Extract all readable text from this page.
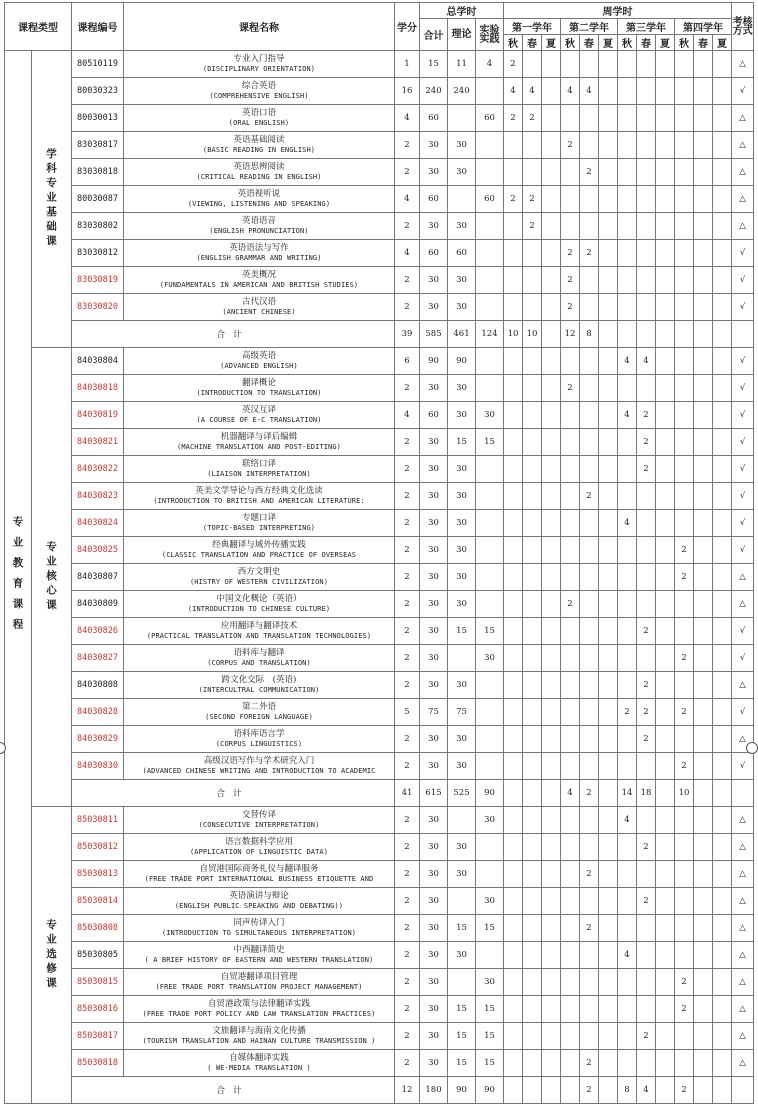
课程类型		课程编号	课程名称	学分	总学时			周学时												考核方式
					合计	理论	实验实践	第一学年			第二学年			第三学年			第四学年			
								秋	春	夏	秋	春	夏	秋	春	夏	秋	春	夏	

专业教育课程	学科专业基础课	80510119	专业入门指导
(DISCIPLINARY ORIENTATION)	1	15	11	4	2												△
		80030323	综合英语
(COMPREHENSIVE ENGLISH)	16	240	240		4	4		4	4								√
		80030013	英语口语
(ORAL ENGLISH)	4	60		60	2	2											△
		83030817	英语基础阅读
(BASIC READING IN ENGLISH)	2	30	30					2									△
		83030818	英语思辨阅读
(CRITICAL READING IN ENGLISH)	2	30	30						2								△
		80030087	英语视听说
(VIEWING, LISTENING AND SPEAKING)	4	60		60	2	2											△
		83030802	英语语音
(ENGLISH PRONUNCIATION)	2	30	30			2											△
		83030812	英语语法与写作
(ENGLISH GRAMMAR AND WRITING)	4	60	60					2	2								√
		83030819	英美概况
(FUNDAMENTALS IN AMERICAN AND BRITISH STUDIES)	2	30	30					2									√
		83030820	古代汉语
(ANCIENT CHINESE)	2	30	30					2									√
		合计		39	585	461	124	10	10		12	8								

	专业核心课	84030804	高级英语
(ADVANCED ENGLISH)	6	90	90								4	4					√
		84030818	翻译概论
(INTRODUCTION TO TRANSLATION)	2	30	30					2									√
		84030819	英汉互译
(A COURSE OF E-C TRANSLATION)	4	60	30	30							4	2					√
		84030821	机器翻译与译后编辑
(MACHINE TRANSLATION AND POST-EDITING)	2	30	15	15								2					√
		84030822	联络口译
(LIAISON INTERPRETATION)	2	30	30									2					√
		84030823	英美文学导论与西方经典文化选读
(INTRODUCTION TO BRITISH AND AMERICAN LITERATURE:	2	30	30						2								√
		84030824	专题口译
(TOPIC-BASED INTERPRETING)	2	30	30								4						√
		84030825	经典翻译与域外传播实践
(CLASSIC TRANSLATION AND PRACTICE OF OVERSEAS	2	30	30											2			√
		84030807	西方文明史
(HISTRY OF WESTERN CIVILIZATION)	2	30	30											2			△
		84030809	中国文化概论（英语）
(INTRODUCTION TO CHINESE CULTURE)	2	30	30					2									△
		84030826	应用翻译与翻译技术
(PRACTICAL TRANSLATION AND TRANSLATION TECHNOLOGIES)	2	30	15	15								2					√
		84030827	语料库与翻译
(CORPUS AND TRANSLATION)	2	30		30										2			√
		84030808	跨文化交际　(英语)
(INTERCULTRAL COMMUNICATION)	2	30	30									2					△
		84030828	第二外语
(SECOND FOREIGN LANGUAGE)	5	75	75								2	2		2			√
		84030829	语料库语言学
(CORPUS LINGUISTICS)	2	30	30									2					△
		84030830	高级汉语写作与学术研究入门
(ADVANCED CHINESE WRITING AND INTRODUCTION TO ACADEMIC	2	30	30											2			√
		合计		41	615	525	90				4	2		14	18		10			

	专业选修课	85030811	交替传译
(CONSECUTIVE INTERPRETATION)	2	30		30							4						△
		85030812	语言数据科学应用
(APPLICATION OF LINGUISTIC DATA)	2	30	30									2					△
		85030813	自贸港国际商务礼仪与翻译服务
(FREE TRADE PORT INTERNATIONAL BUSINESS ETIQUETTE AND	2	30	30						2								△
		85030814	英语演讲与辩论
(ENGLISH PUBLIC SPEAKING AND DEBATING))	2	30		30								2					△
		85030808	同声传译入门
(INTRODUCTION TO SIMULTANEOUS INTERPRETATION)	2	30	15	15					2								△
		85030805	中西翻译简史
( A BRIEF HISTORY OF EASTERN AND WESTERN TRANSLATION)	2	30	30								4						△
		85030815	自贸港翻译项目管理
(FREE TRADE PORT TRANSLATION PROJECT MANAGEMENT)	2	30		30										2			△
		85030816	自贸港政策与法律翻译实践
(FREE TRADE PORT POLICY AND LAW TRANSLATION PRACTICES)	2	30	15	15										2			△
		85030817	文旅翻译与海南文化传播
(TOURISM TRANSLATION AND HAINAN CULTURE TRANSMISSION )	2	30	15	15								2					△
		85030818	自媒体翻译实践
( WE-MEDIA TRANSLATION )	2	30	15	15					2								△
		合计		12	180	90	90					2		8	4		2			
